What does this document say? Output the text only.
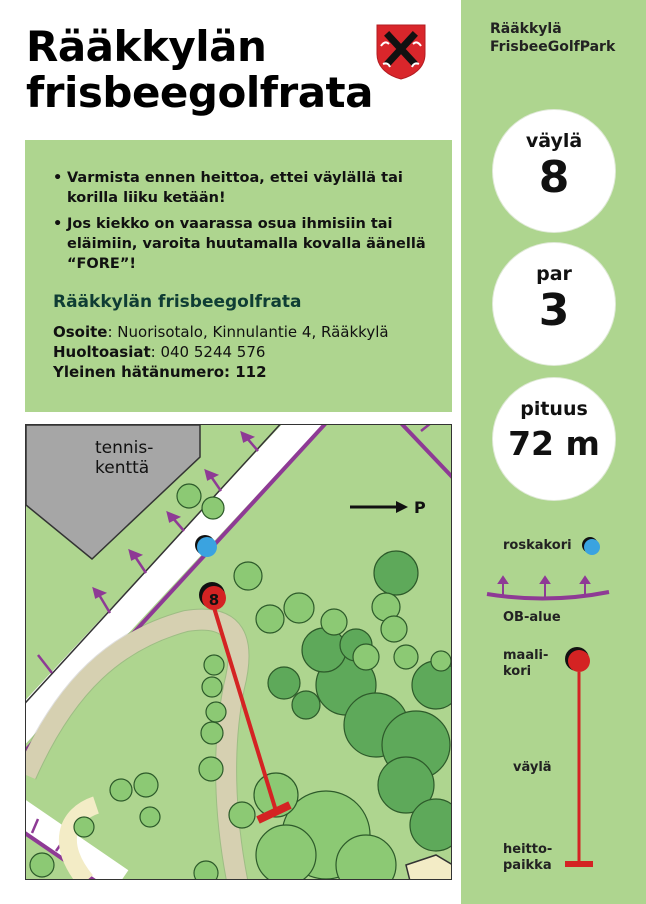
Rääkkylän
frisbeegolfrata
• Varmista ennen heittoa, ettei väylällä tai korilla liiku ketään!
• Jos kiekko on vaarassa osua ihmisiin tai eläimiin, varoita huutamalla kovalla äänellä “FORE”!
Rääkkylän frisbeegolfrata
Osoite: Nuorisotalo, Kinnulantie 4, Rääkkylä
Huoltoasiat: 040 5244 576
Yleinen hätänumero: 112
tennis-
kenttä
8
P
Rääkkylä
FrisbeeGolfPark
väylä
8
par
3
pituus
72 m
roskakori
OB-alue
maali-
kori
väylä
heitto-
paikka
